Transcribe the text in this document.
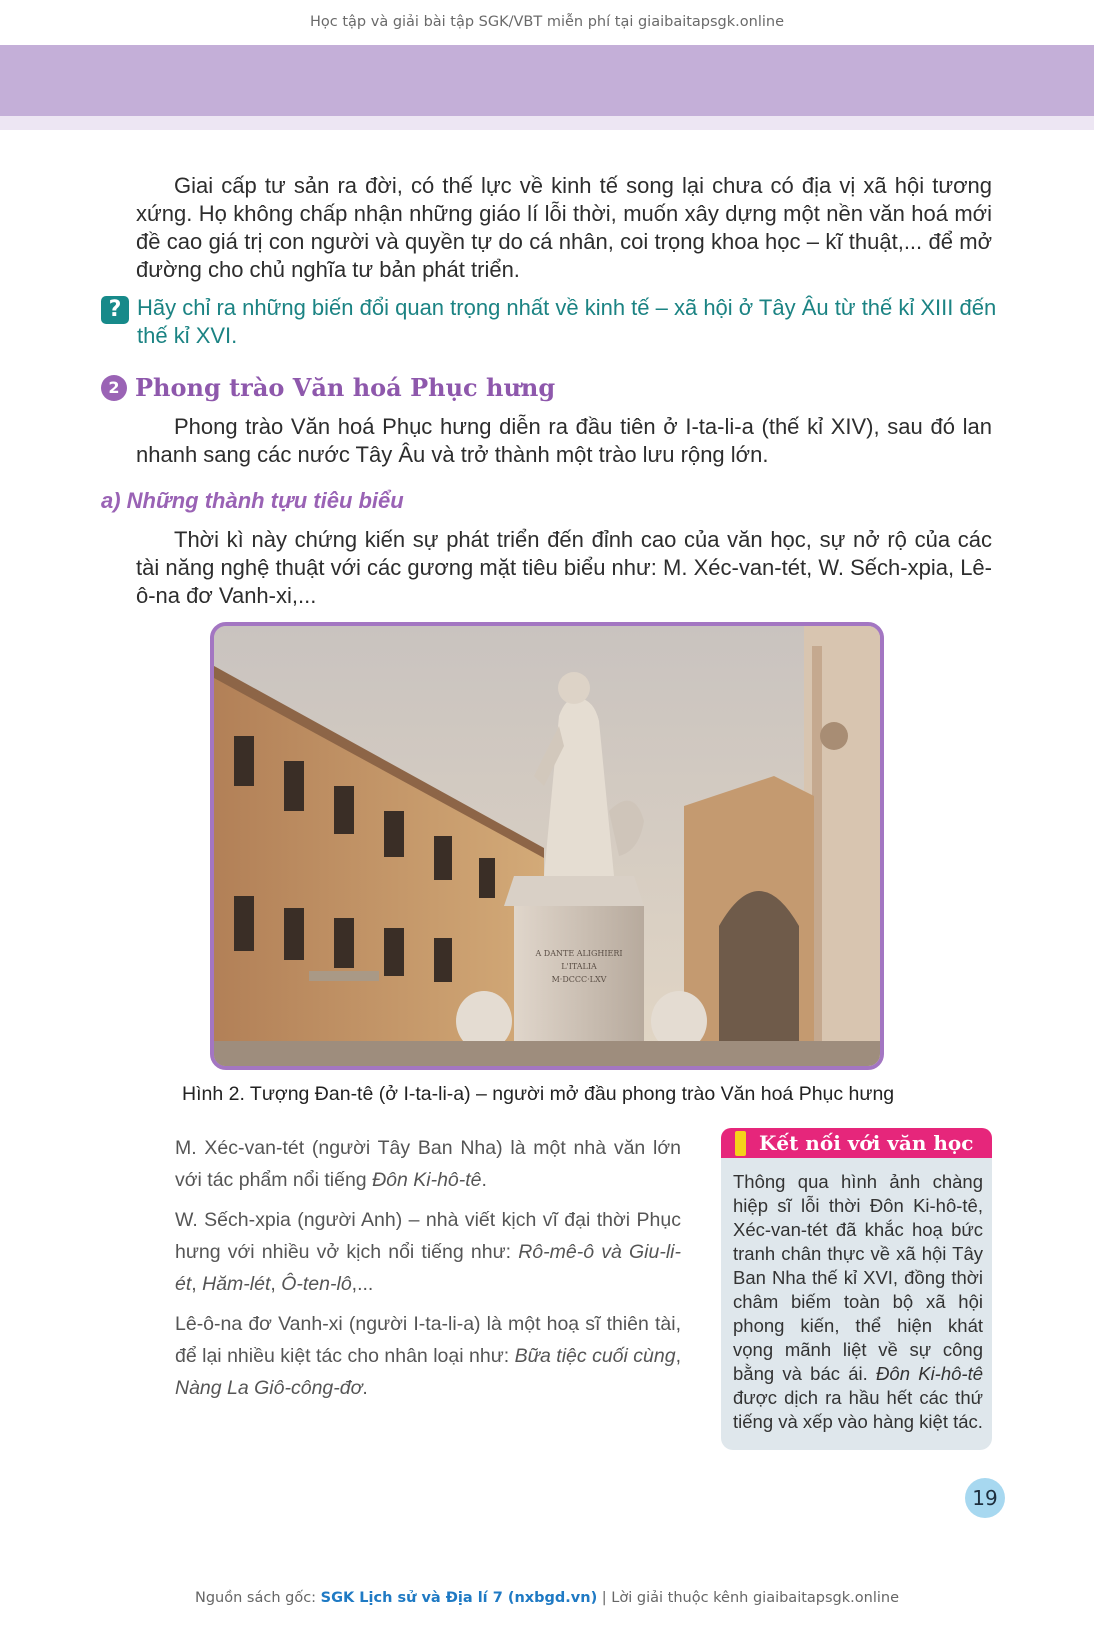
Học tập và giải bài tập SGK/VBT miễn phí tại giaibaitapsgk.online
Giai cấp tư sản ra đời, có thế lực về kinh tế song lại chưa có địa vị xã hội tương xứng. Họ không chấp nhận những giáo lí lỗi thời, muốn xây dựng một nền văn hoá mới đề cao giá trị con người và quyền tự do cá nhân, coi trọng khoa học – kĩ thuật,... để mở đường cho chủ nghĩa tư bản phát triển.
? Hãy chỉ ra những biến đổi quan trọng nhất về kinh tế – xã hội ở Tây Âu từ thế kỉ XIII đến thế kỉ XVI.
2 Phong trào Văn hoá Phục hưng
Phong trào Văn hoá Phục hưng diễn ra đầu tiên ở I-ta-li-a (thế kỉ XIV), sau đó lan nhanh sang các nước Tây Âu và trở thành một trào lưu rộng lớn.
a) Những thành tựu tiêu biểu
Thời kì này chứng kiến sự phát triển đến đỉnh cao của văn học, sự nở rộ của các tài năng nghệ thuật với các gương mặt tiêu biểu như: M. Xéc-van-tét, W. Sếch-xpia, Lê-ô-na đơ Vanh-xi,...
A DANTE ALIGHIERI
L'ITALIA
M·DCCC·LXV
Hình 2. Tượng Đan-tê (ở I-ta-li-a) – người mở đầu phong trào Văn hoá Phục hưng
M. Xéc-van-tét (người Tây Ban Nha) là một nhà văn lớn với tác phẩm nổi tiếng Đôn Ki-hô-tê.
W. Sếch-xpia (người Anh) – nhà viết kịch vĩ đại thời Phục hưng với nhiều vở kịch nổi tiếng như: Rô-mê-ô và Giu-li-ét, Hăm-lét, Ô-ten-lô,...
Lê-ô-na đơ Vanh-xi (người I-ta-li-a) là một hoạ sĩ thiên tài, để lại nhiều kiệt tác cho nhân loại như: Bữa tiệc cuối cùng, Nàng La Giô-công-đơ.
Kết nối với văn học
Thông qua hình ảnh chàng hiệp sĩ lỗi thời Đôn Ki-hô-tê, Xéc-van-tét đã khắc hoạ bức tranh chân thực về xã hội Tây Ban Nha thế kỉ XVI, đồng thời châm biếm toàn bộ xã hội phong kiến, thể hiện khát vọng mãnh liệt về sự công bằng và bác ái. Đôn Ki-hô-tê được dịch ra hầu hết các thứ tiếng và xếp vào hàng kiệt tác.
19
Nguồn sách gốc: SGK Lịch sử và Địa lí 7 (nxbgd.vn) | Lời giải thuộc kênh giaibaitapsgk.online
